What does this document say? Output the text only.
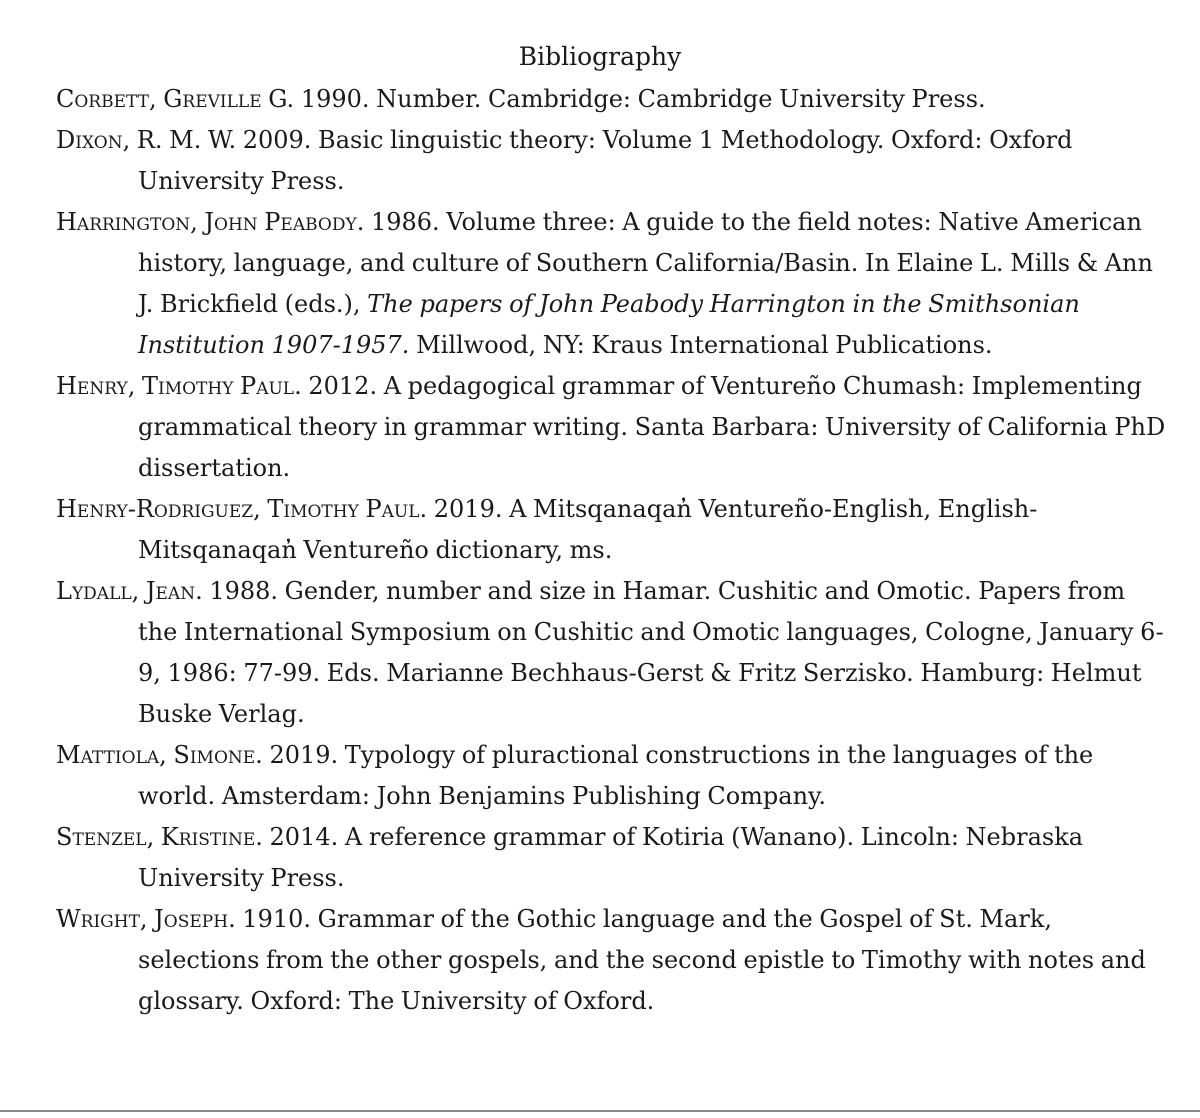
Bibliography
Corbett, Greville G. 1990. Number. Cambridge: Cambridge University Press.
Dixon, R. M. W. 2009. Basic linguistic theory: Volume 1 Methodology. Oxford: Oxford University Press.
Harrington, John Peabody. 1986. Volume three: A guide to the field notes: Native American history, language, and culture of Southern California/Basin. In Elaine L. Mills & Ann J. Brickfield (eds.), The papers of John Peabody Harrington in the Smithsonian Institution 1907-1957. Millwood, NY: Kraus International Publications.
Henry, Timothy Paul. 2012. A pedagogical grammar of Ventureño Chumash: Implementing grammatical theory in grammar writing. Santa Barbara: University of California PhD dissertation.
Henry-Rodriguez, Timothy Paul. 2019. A Mitsqanaqan̓ Ventureño-English, English-Mitsqanaqan̓ Ventureño dictionary, ms.
Lydall, Jean. 1988. Gender, number and size in Hamar. Cushitic and Omotic. Papers from the International Symposium on Cushitic and Omotic languages, Cologne, January 6-9, 1986: 77-99. Eds. Marianne Bechhaus-Gerst & Fritz Serzisko. Hamburg: Helmut Buske Verlag.
Mattiola, Simone. 2019. Typology of pluractional constructions in the languages of the world. Amsterdam: John Benjamins Publishing Company.
Stenzel, Kristine. 2014. A reference grammar of Kotiria (Wanano). Lincoln: Nebraska University Press.
Wright, Joseph. 1910. Grammar of the Gothic language and the Gospel of St. Mark, selections from the other gospels, and the second epistle to Timothy with notes and glossary. Oxford: The University of Oxford.
